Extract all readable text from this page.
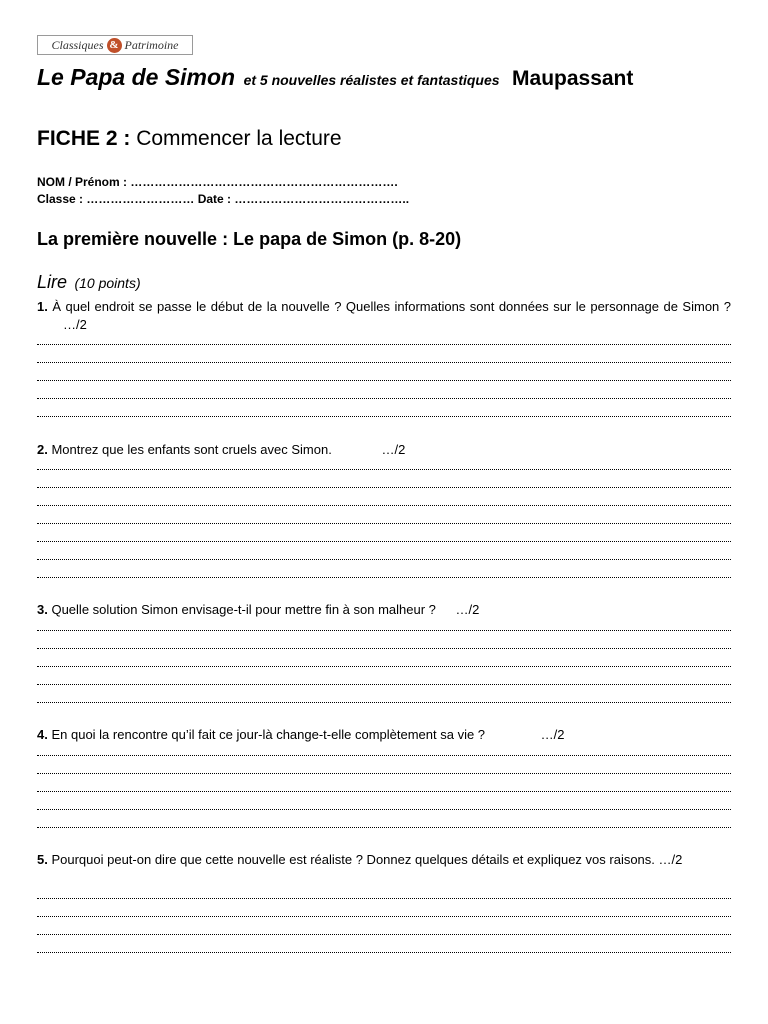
Classiques & Patrimoine
Le Papa de Simon et 5 nouvelles réalistes et fantastiques Maupassant
FICHE 2 : Commencer la lecture
NOM / Prénom : ………………………………………………………….
Classe : ……………………… Date : ……………………………………..
La première nouvelle : Le papa de Simon (p. 8-20)
Lire (10 points)
1. À quel endroit se passe le début de la nouvelle ? Quelles informations sont données sur le personnage de Simon ? …/2
2. Montrez que les enfants sont cruels avec Simon.	…/2
3. Quelle solution Simon envisage-t-il pour mettre fin à son malheur ? …/2
4. En quoi la rencontre qu’il fait ce jour-là change-t-elle complètement sa vie ?	…/2
5. Pourquoi peut-on dire que cette nouvelle est réaliste ? Donnez quelques détails et expliquez vos raisons. …/2
